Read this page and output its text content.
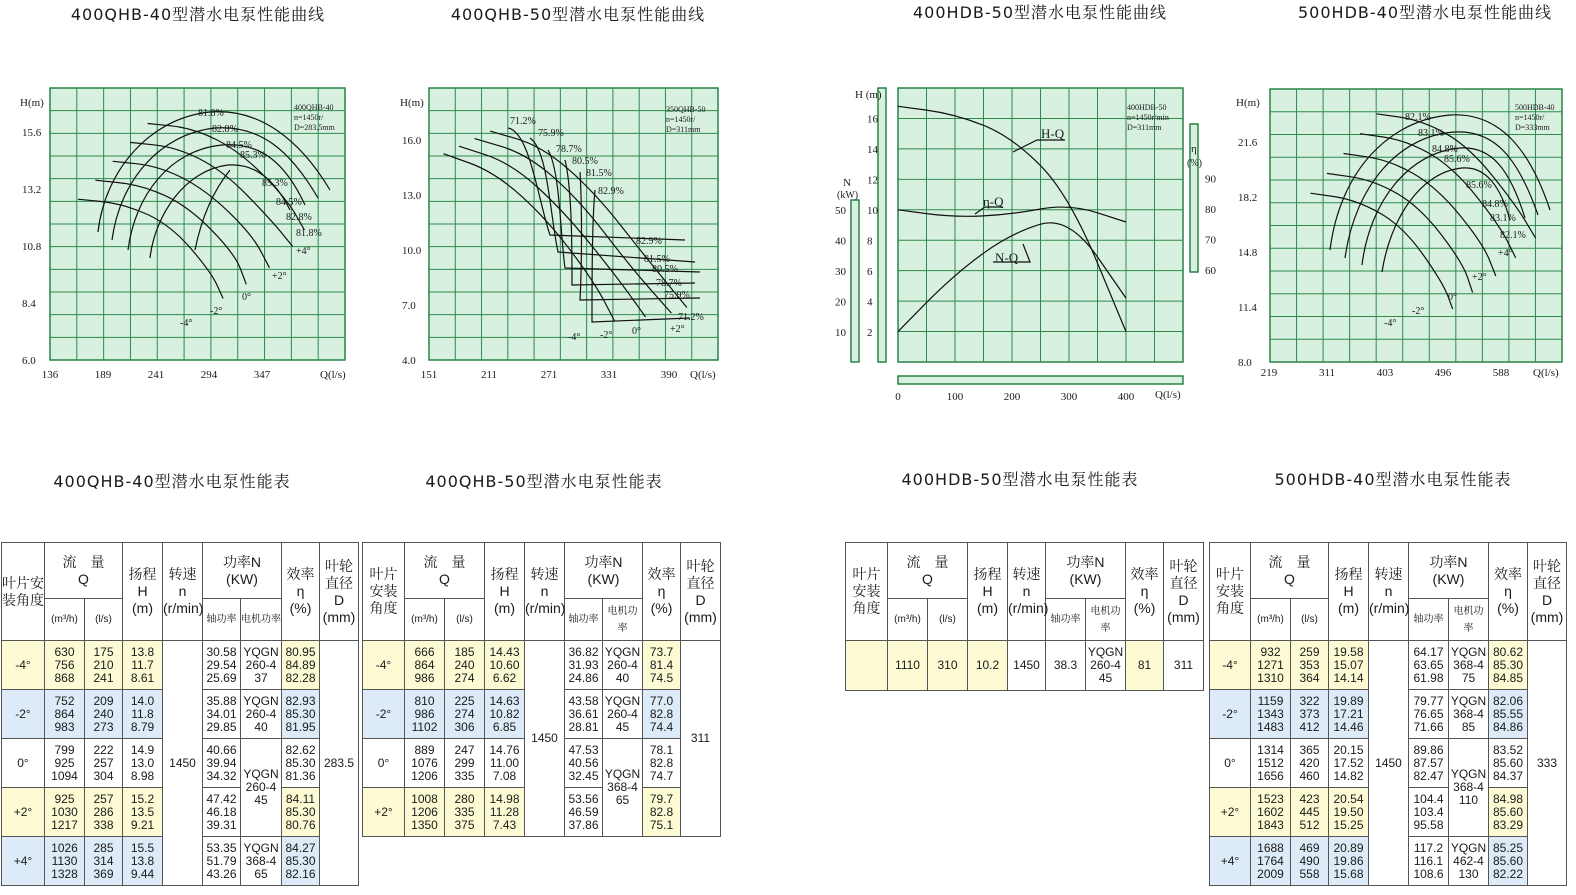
400QHB-40型潜水电泵性能曲线	400QHB-50型潜水电泵性能曲线	400HDB-50型潜水电泵性能曲线	500HDB-40型潜水电泵性能曲线
400QHB-40型潜水电泵性能表	400QHB-50型潜水电泵性能表	400HDB-50型潜水电泵性能表	500HDB-40型潜水电泵性能表
H(m)
6.0
8.4
10.8
13.2
15.6
136	189	241	294	347	Q(l/s)
400QHB-40
n=1450r/
D=283.5mm
81.8%
82.8%
84.5%
85.3%
85.3%
84.5%
82.8%
81.8%
+4°
+2°
0°
-2°
-4°
H(m)
4.0
7.0
10.0
13.0
16.0
151	211	271	331	390 Q(l/s)
350QHB-50
n=1450r/
D=311mm
71.2%
75.9%
78.7%
80.5%
81.5%
82.9%
82.9%
81.5%
80.5%
78.7%
75.9%
71.2%
-4° -2° 0°	+2°
H (m)
N
(kW)
η
(%)
2
4
6
8
10
12
14
16
10
20
30
40
50
60
70
80
90
0	100	200	300	400 Q(l/s)
400HDB-50
n=1450r/min
D=311mm
H-Q
η-Q
N-Q
H(m)
8.0
11.4
14.8
18.2
21.6
219	311	403	496	588 Q(l/s)
500HDB-40
n=1450r/
D=333mm
82.1%
83.1%
84.8%
85.6%
85.6%
84.8%
83.1%
82.1%
+4°
+2°
0°
-2°
-4°
叶片安装角度	流　量
Q		扬程
H
(m)	转速
n
(r/min)	功率N
(KW)		效率
η
(%)	叶轮直径
D
(mm)
	(m³/h)	(l/s)			轴功率	电机功率		
-4°	630
756
868	175
210
241	13.8
11.7
8.61	1450	30.58
29.54
25.69	YQGN
260-4
37	80.95
84.89
82.28	283.5
-2°	752
864
983	209
240
273	14.0
11.8
8.79		35.88
34.01
29.85	YQGN
260-4
40	82.93
85.30
81.95	
0°	799
925
1094	222
257
304	14.9
13.0
8.98		40.66
39.94
34.32	YQGN
260-4
45	82.62
85.30
81.36	
+2°	925
1030
1217	257
286
338	15.2
13.5
9.21		47.42
46.18
39.31		84.11
85.30
80.76	
+4°	1026
1130
1328	285
314
369	15.5
13.8
9.44		53.35
51.79
43.26	YQGN
368-4
65	84.27
85.30
82.16	
叶片安装角度	流　量
Q		扬程
H
(m)	转速
n
(r/min)	功率N
(KW)		效率
η
(%)	叶轮直径
D
(mm)
	(m³/h)	(l/s)			轴功率	电机功率		
-4°	666
864
986	185
240
274	14.43
10.60
6.62	1450	36.82
31.93
24.86	YQGN
260-4
40	73.7
81.4
74.5	311
-2°	810
986
1102	225
274
306	14.63
10.82
6.85		43.58
36.61
28.81	YQGN
260-4
45	77.0
82.8
74.4	
0°	889
1076
1206	247
299
335	14.76
11.00
7.08		47.53
40.56
32.45	YQGN
368-4
65	78.1
82.8
74.7	
+2°	1008
1206
1350	280
335
375	14.98
11.28
7.43		53.56
46.59
37.86		79.7
82.8
75.1	
叶片安装角度	流　量
Q		扬程
H
(m)	转速
n
(r/min)	功率N
(KW)		效率
η
(%)	叶轮直径
D
(mm)
	(m³/h)	(l/s)			轴功率	电机功率		
	1110	310	10.2	1450	38.3	YQGN
260-4
45	81	311
叶片安装角度	流　量
Q		扬程
H
(m)	转速
n
(r/min)	功率N
(KW)		效率
η
(%)	叶轮直径
D
(mm)
	(m³/h)	(l/s)			轴功率	电机功率		
-4°	932
1271
1310	259
353
364	19.58
15.07
14.14	1450	64.17
63.65
61.98	YQGN
368-4
75	80.62
85.30
84.85	333
-2°	1159
1343
1483	322
373
412	19.89
17.21
14.46		79.77
76.65
71.66	YQGN
368-4
85	82.06
85.55
84.86	
0°	1314
1512
1656	365
420
460	20.15
17.52
14.82		89.86
87.57
82.47	YQGN
368-4
110	83.52
85.60
84.37	
+2°	1523
1602
1843	423
445
512	20.54
19.50
15.25		104.4
103.4
95.58		84.98
85.60
83.29	
+4°	1688
1764
2009	469
490
558	20.89
19.86
15.68		117.2
116.1
108.6	YQGN
462-4
130	85.25
85.60
82.22	
